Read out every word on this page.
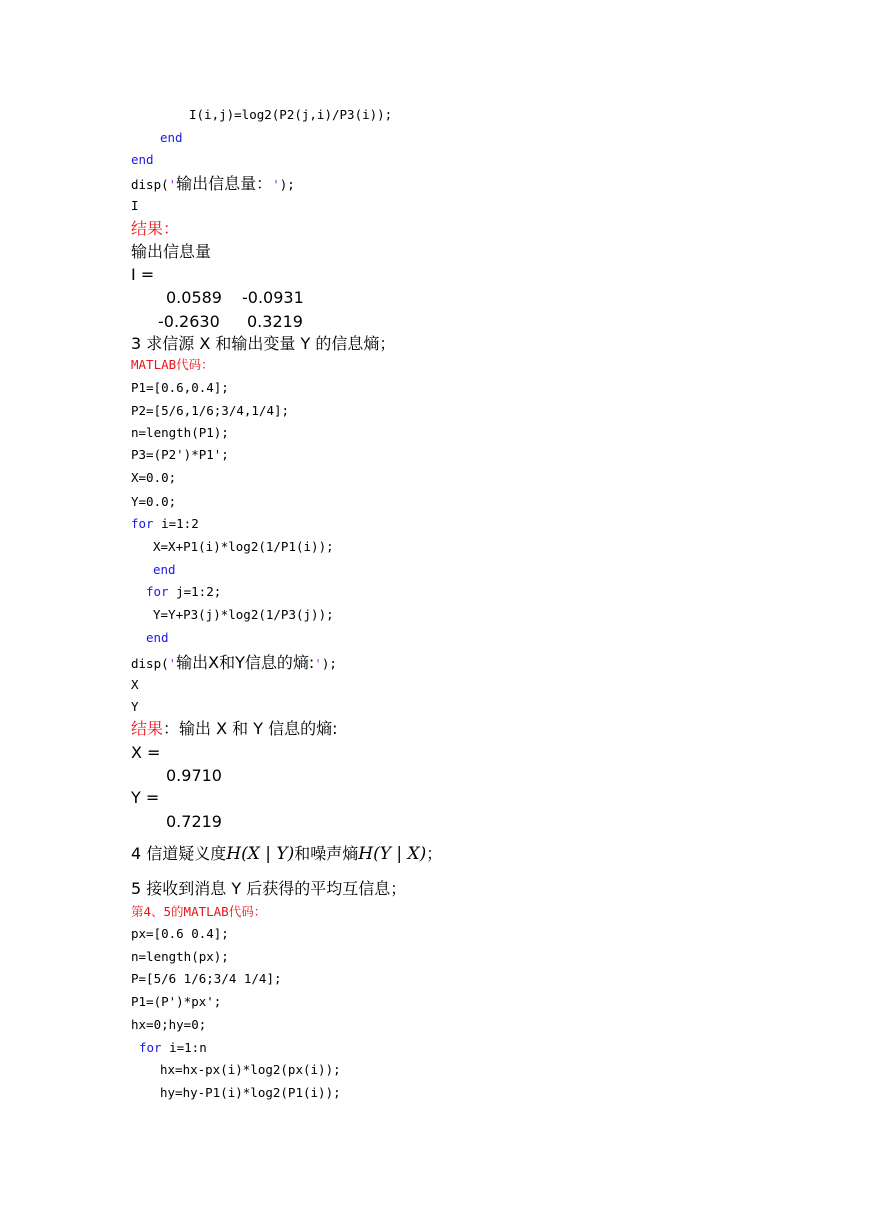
I(i,j)=log2(P2(j,i)/P3(i));
end
end
disp('输出信息量：');
I
结果：
输出信息量
I =
0.0589 -0.0931
-0.2630 0.3219
3 求信源 X 和输出变量 Y 的信息熵；
MATLAB代码：
P1=[0.6,0.4];
P2=[5/6,1/6;3/4,1/4];
n=length(P1);
P3=(P2')*P1';
X=0.0;
Y=0.0;
for i=1:2
X=X+P1(i)*log2(1/P1(i));
end
for j=1:2;
Y=Y+P3(j)*log2(1/P3(j));
end
disp('输出X和Y信息的熵:');
X
Y
结果：输出 X 和 Y 信息的熵:
X =
0.9710
Y =
0.7219
4 信道疑义度H(X | Y)和噪声熵H(Y | X)；
5 接收到消息 Y 后获得的平均互信息；
第4、5的MATLAB代码：
px=[0.6 0.4];
n=length(px);
P=[5/6 1/6;3/4 1/4];
P1=(P')*px';
hx=0;hy=0;
for i=1:n
hx=hx-px(i)*log2(px(i));
hy=hy-P1(i)*log2(P1(i));
